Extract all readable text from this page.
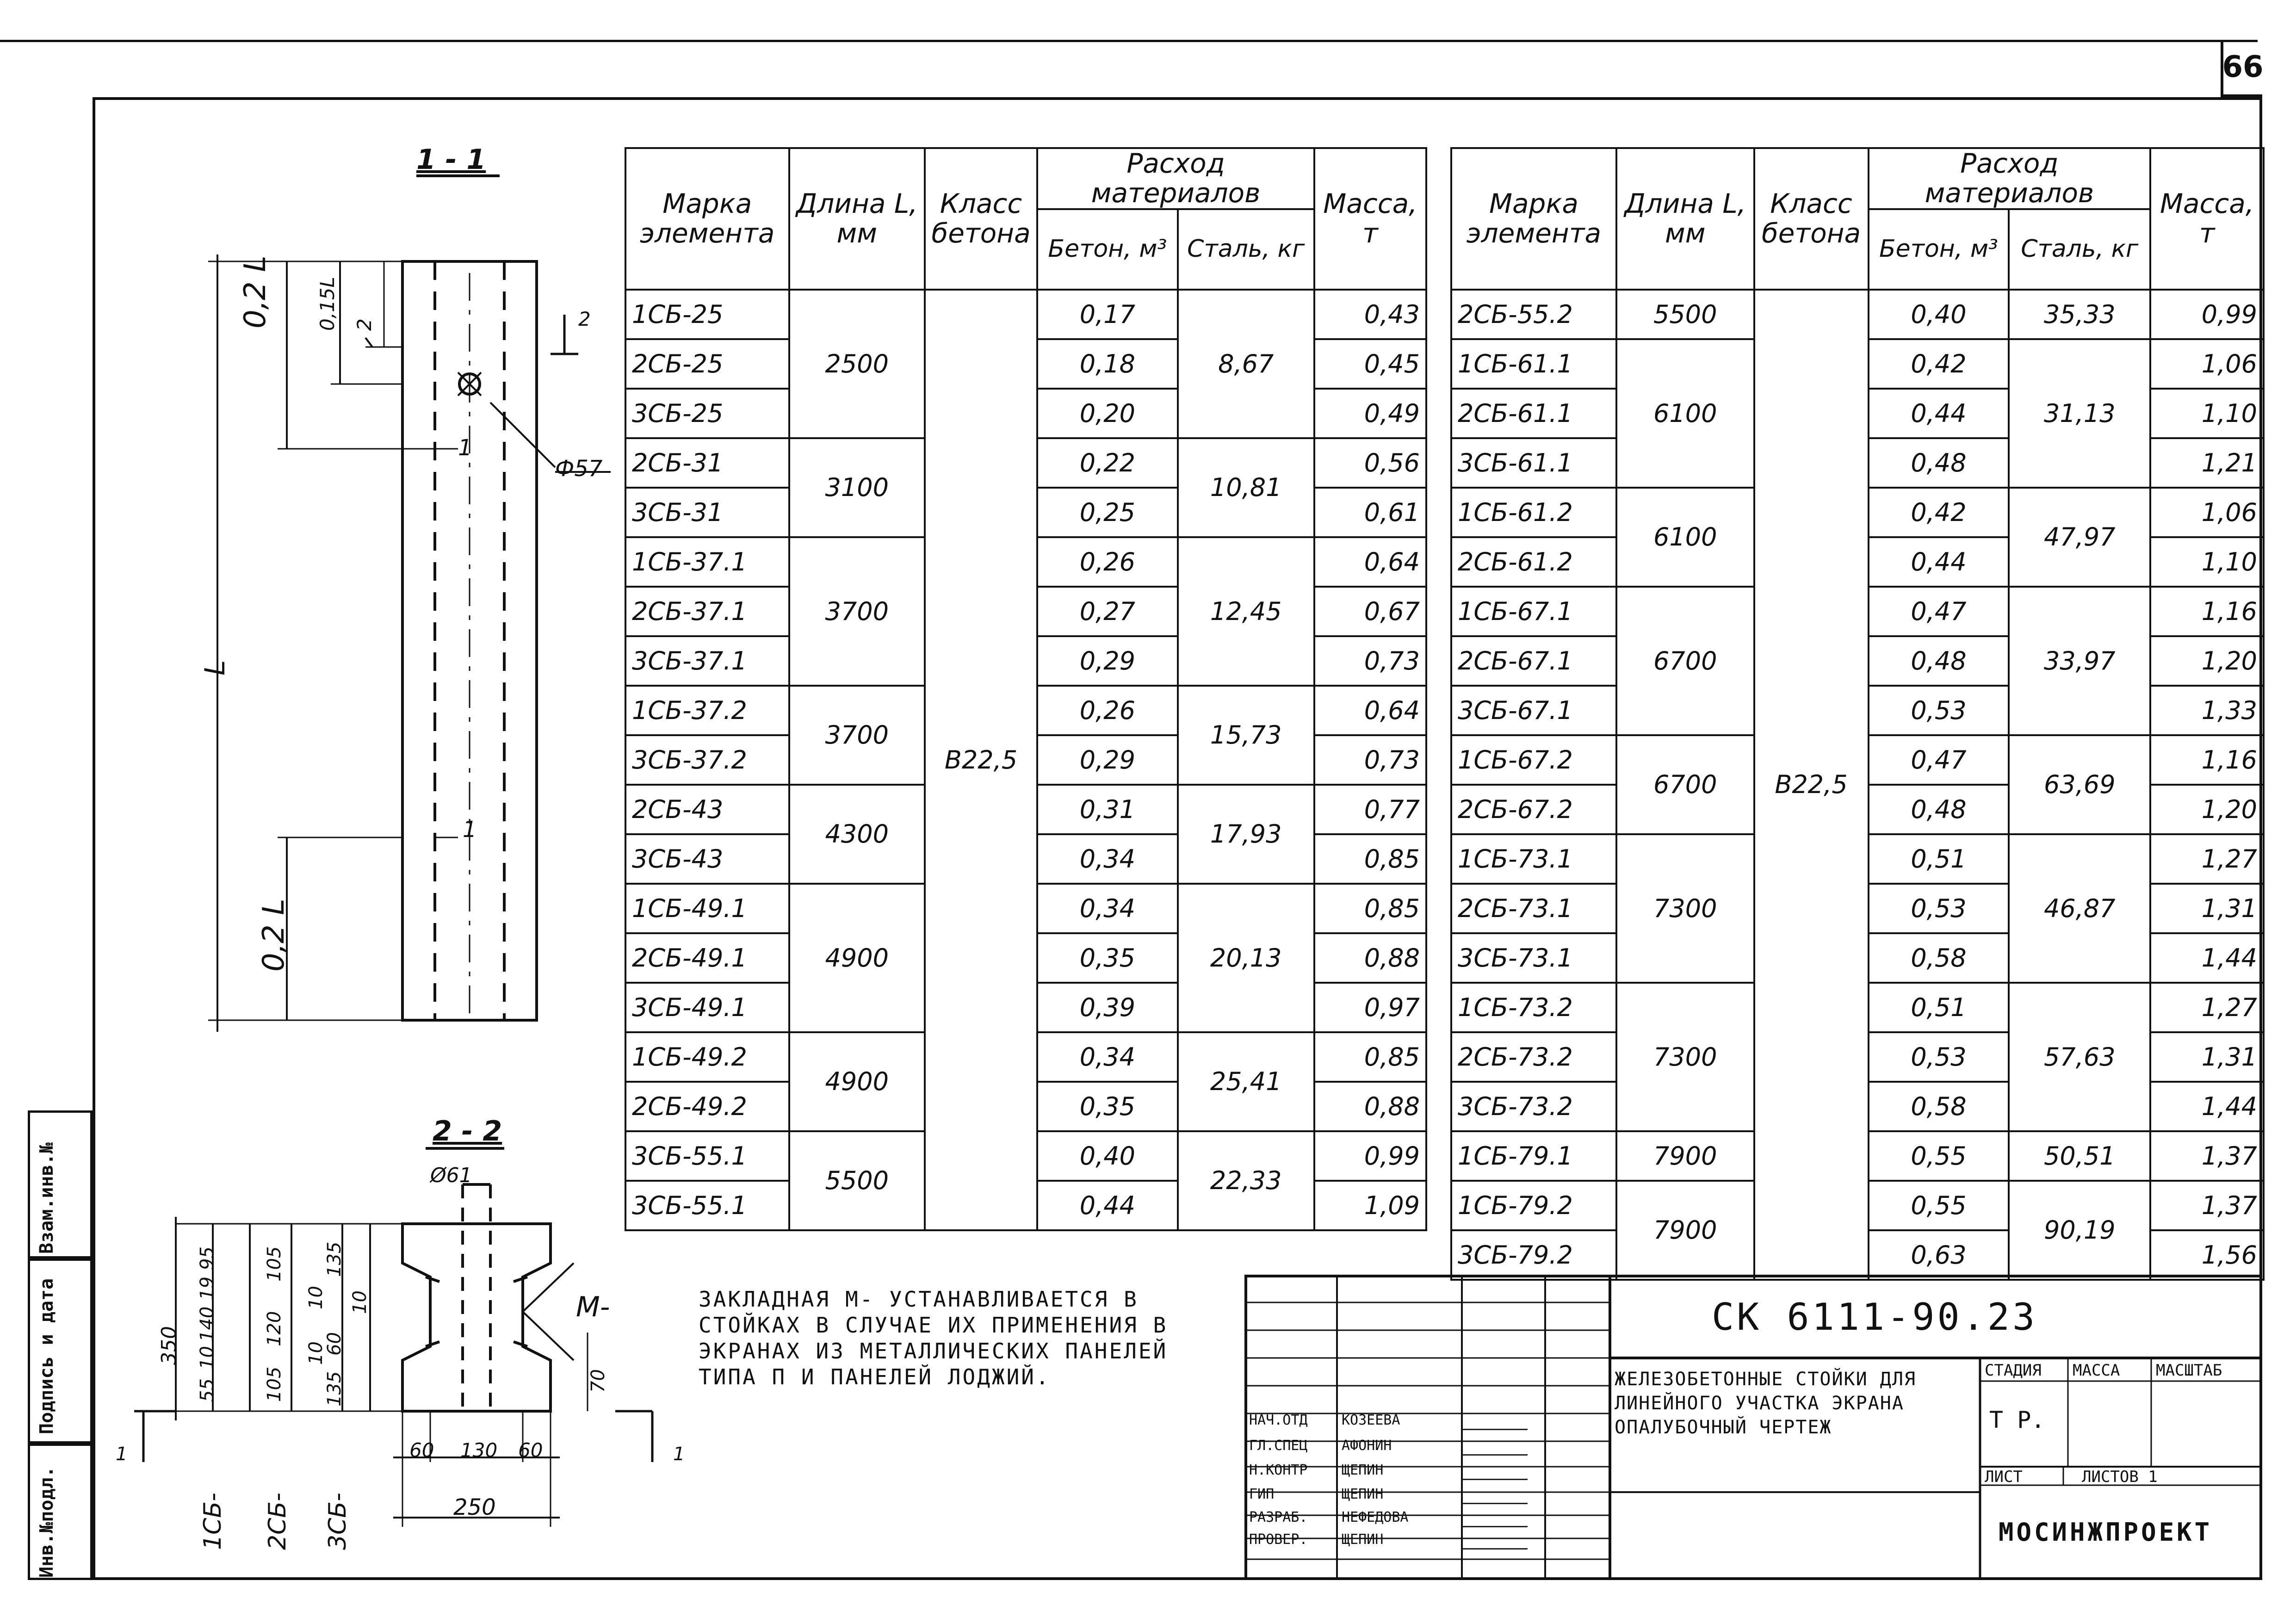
66
Взам.инв.№
Подпись и дата
Инв.№подл.
1 - 1
0,2 L 0,15L 2	2
Ф57
L
0,2 L
1
1
2 - 2
Ø61
М-
350
55
10
140
19
95
105
120
105
135
10
60
10
135
10
70
60 130 60
250
1	1
1СБ- 2СБ- 3СБ-
ЗАКЛАДНАЯ М- УСТАНАВЛИВАЕТСЯ В СТОЙКАХ В СЛУЧАЕ ИХ ПРИМЕНЕНИЯ В ЭКРАНАХ ИЗ МЕТАЛЛИЧЕСКИХ ПАНЕЛЕЙ ТИПА П И ПАНЕЛЕЙ ЛОДЖИЙ.
Марка элемента	Длина L, мм	Класс бетона	Расход материалов		Масса, т
			Бетон, м³	Сталь, кг	
1СБ-25	2500	В22,5	0,17	8,67	0,43
2СБ-25			0,18		0,45
3СБ-25			0,20		0,49
2СБ-31	3100		0,22	10,81	0,56
3СБ-31			0,25		0,61
1СБ-37.1	3700		0,26	12,45	0,64
2СБ-37.1			0,27		0,67
3СБ-37.1			0,29		0,73
1СБ-37.2	3700		0,26	15,73	0,64
3СБ-37.2			0,29		0,73
2СБ-43	4300		0,31	17,93	0,77
3СБ-43			0,34		0,85
1СБ-49.1	4900		0,34	20,13	0,85
2СБ-49.1			0,35		0,88
3СБ-49.1			0,39		0,97
1СБ-49.2	4900		0,34	25,41	0,85
2СБ-49.2			0,35		0,88
3СБ-55.1	5500		0,40	22,33	0,99
3СБ-55.1			0,44		1,09
Марка элемента	Длина L, мм	Класс бетона	Расход материалов		Масса, т
			Бетон, м³	Сталь, кг	
2СБ-55.2	5500	В22,5	0,40	35,33	0,99
1СБ-61.1	6100		0,42	31,13	1,06
2СБ-61.1			0,44		1,10
3СБ-61.1			0,48		1,21
1СБ-61.2	6100		0,42	47,97	1,06
2СБ-61.2			0,44		1,10
1СБ-67.1	6700		0,47	33,97	1,16
2СБ-67.1			0,48		1,20
3СБ-67.1			0,53		1,33
1СБ-67.2	6700		0,47	63,69	1,16
2СБ-67.2			0,48		1,20
1СБ-73.1	7300		0,51	46,87	1,27
2СБ-73.1			0,53		1,31
3СБ-73.1			0,58		1,44
1СБ-73.2	7300		0,51	57,63	1,27
2СБ-73.2			0,53		1,31
3СБ-73.2			0,58		1,44
1СБ-79.1	7900		0,55	50,51	1,37
1СБ-79.2	7900		0,55	90,19	1,37
3СБ-79.2			0,63		1,56
СК 6111-90.23
ЖЕЛЕЗОБЕТОННЫЕ СТОЙКИ ДЛЯ ЛИНЕЙНОГО УЧАСТКА ЭКРАНА ОПАЛУБОЧНЫЙ ЧЕРТЕЖ
СТАДИЯ МАССА МАСШТАБ
Т Р.
ЛИСТ	ЛИСТОВ 1
МОСИНЖПРОЕКТ
НАЧ.ОТД КОЗЕЕВА
ГЛ.СПЕЦ АФОНИН
Н.КОНТР ЩЕПИН
ГИП	ЩЕПИН
РАЗРАБ. НЕФЕДОВА
ПРОВЕР. ЩЕПИН
